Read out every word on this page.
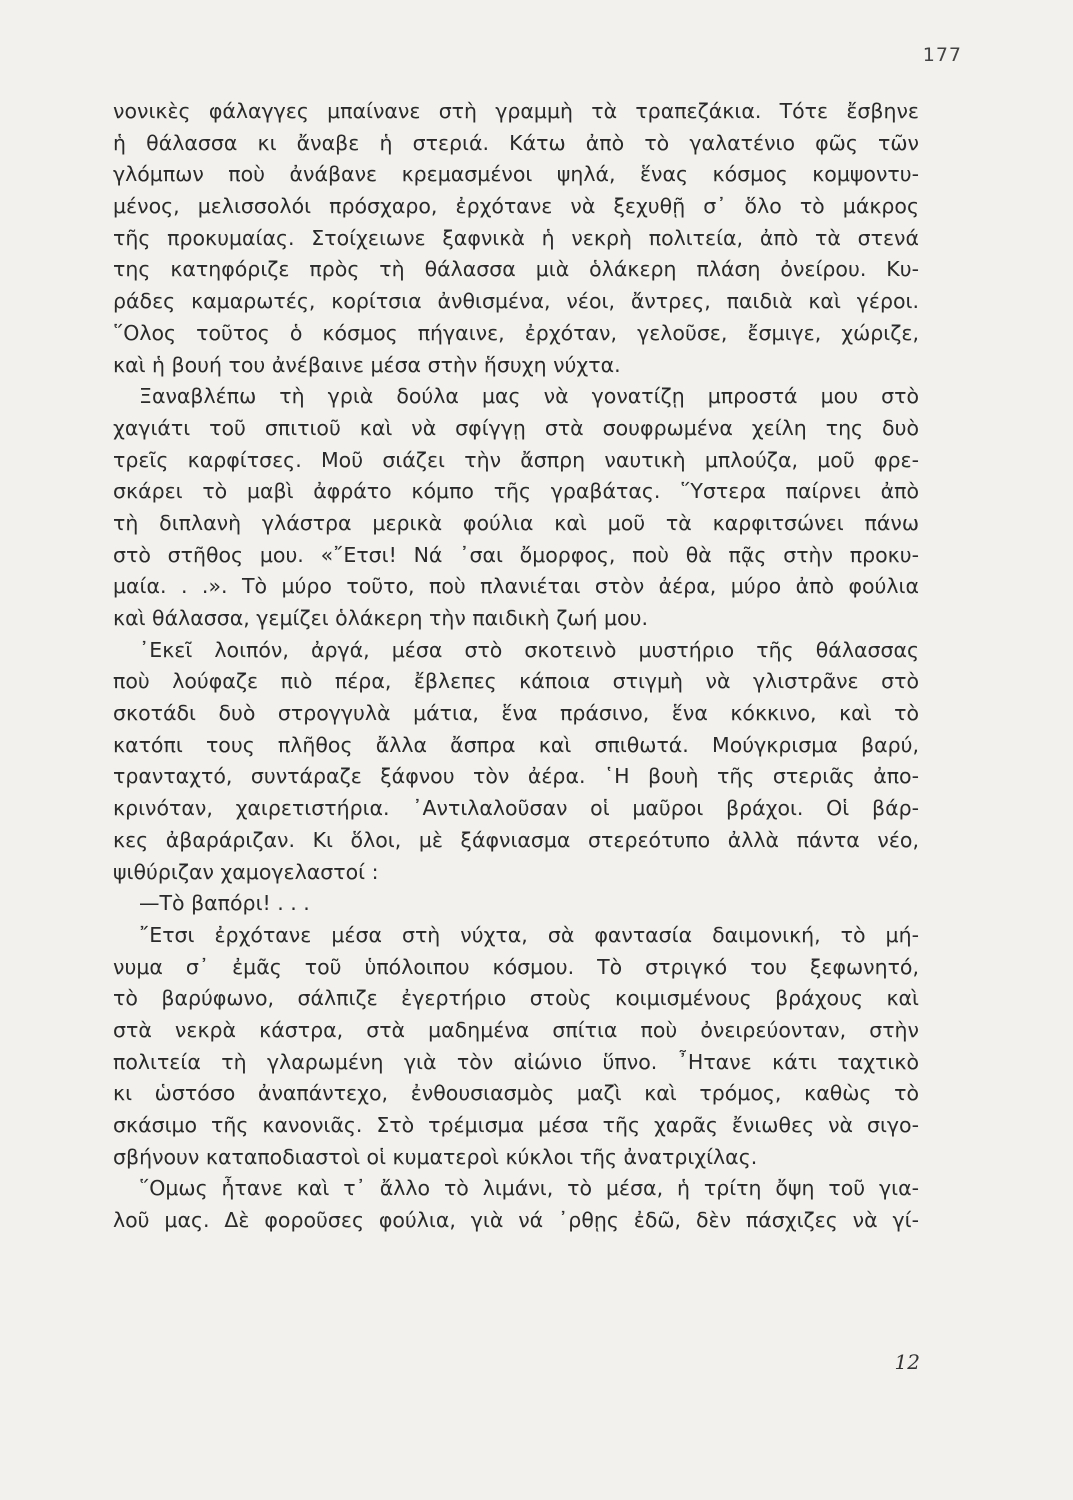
177
νονικὲς φάλαγγες μπαίνανε στὴ γραμμὴ τὰ τραπεζάκια. Τότε ἔσβηνε
ἡ θάλασσα κι ἄναβε ἡ στεριά. Κάτω ἀπὸ τὸ γαλατένιο φῶς τῶν
γλόμπων ποὺ ἀνάβανε κρεμασμένοι ψηλά, ἕνας κόσμος κομψοντυ-
μένος, μελισσολόι πρόσχαρο, ἐρχότανε νὰ ξεχυθῇ σ᾽ ὅλο τὸ μάκρος
τῆς προκυμαίας. Στοίχειωνε ξαφνικὰ ἡ νεκρὴ πολιτεία, ἀπὸ τὰ στενά
της κατηφόριζε πρὸς τὴ θάλασσα μιὰ ὁλάκερη πλάση ὀνείρου. Κυ-
ράδες καμαρωτές, κορίτσια ἀνθισμένα, νέοι, ἄντρες, παιδιὰ καὶ γέροι.
῞Ολος τοῦτος ὁ κόσμος πήγαινε, ἐρχόταν, γελοῦσε, ἔσμιγε, χώριζε,
καὶ ἡ βουή του ἀνέβαινε μέσα στὴν ἥσυχη νύχτα.
Ξαναβλέπω τὴ γριὰ δούλα μας νὰ γονατίζῃ μπροστά μου στὸ
χαγιάτι τοῦ σπιτιοῦ καὶ νὰ σφίγγῃ στὰ σουφρωμένα χείλη της δυὸ
τρεῖς καρφίτσες. Μοῦ σιάζει τὴν ἄσπρη ναυτικὴ μπλούζα, μοῦ φρε-
σκάρει τὸ μαβὶ ἀφράτο κόμπο τῆς γραβάτας. ῞Υστερα παίρνει ἀπὸ
τὴ διπλανὴ γλάστρα μερικὰ φούλια καὶ μοῦ τὰ καρφιτσώνει πάνω
στὸ στῆθος μου. «῎Ετσι! Νά ᾽σαι ὄμορφος, ποὺ θὰ πᾷς στὴν προκυ-
μαία. . .». Τὸ μύρο τοῦτο, ποὺ πλανιέται στὸν ἀέρα, μύρο ἀπὸ φούλια
καὶ θάλασσα, γεμίζει ὁλάκερη τὴν παιδικὴ ζωή μου.
᾽Εκεῖ λοιπόν, ἀργά, μέσα στὸ σκοτεινὸ μυστήριο τῆς θάλασσας
ποὺ λούφαζε πιὸ πέρα, ἔβλεπες κάποια στιγμὴ νὰ γλιστρᾶνε στὸ
σκοτάδι δυὸ στρογγυλὰ μάτια, ἕνα πράσινο, ἕνα κόκκινο, καὶ τὸ
κατόπι τους πλῆθος ἄλλα ἄσπρα καὶ σπιθωτά. Μούγκρισμα βαρύ,
τρανταχτό, συντάραζε ξάφνου τὸν ἀέρα. ῾Η βουὴ τῆς στεριᾶς ἀπο-
κρινόταν, χαιρετιστήρια. ᾽Αντιλαλοῦσαν οἱ μαῦροι βράχοι. Οἱ βάρ-
κες ἀβαράριζαν. Κι ὅλοι, μὲ ξάφνιασμα στερεότυπο ἀλλὰ πάντα νέο,
ψιθύριζαν χαμογελαστοί :
—Τὸ βαπόρι! . . .
῎Ετσι ἐρχότανε μέσα στὴ νύχτα, σὰ φαντασία δαιμονική, τὸ μή-
νυμα σ᾽ ἐμᾶς τοῦ ὑπόλοιπου κόσμου. Τὸ στριγκό του ξεφωνητό,
τὸ βαρύφωνο, σάλπιζε ἐγερτήριο στοὺς κοιμισμένους βράχους καὶ
στὰ νεκρὰ κάστρα, στὰ μαδημένα σπίτια ποὺ ὀνειρεύονταν, στὴν
πολιτεία τὴ γλαρωμένη γιὰ τὸν αἰώνιο ὕπνο. ῏Ητανε κάτι ταχτικὸ
κι ὡστόσο ἀναπάντεχο, ἐνθουσιασμὸς μαζὶ καὶ τρόμος, καθὼς τὸ
σκάσιμο τῆς κανονιᾶς. Στὸ τρέμισμα μέσα τῆς χαρᾶς ἔνιωθες νὰ σιγο-
σβήνουν καταποδιαστοὶ οἱ κυματεροὶ κύκλοι τῆς ἀνατριχίλας.
῞Ομως ἦτανε καὶ τ᾽ ἄλλο τὸ λιμάνι, τὸ μέσα, ἡ τρίτη ὄψη τοῦ για-
λοῦ μας. Δὲ φοροῦσες φούλια, γιὰ νά ᾽ρθῃς ἐδῶ, δὲν πάσχιζες νὰ γί-
12
